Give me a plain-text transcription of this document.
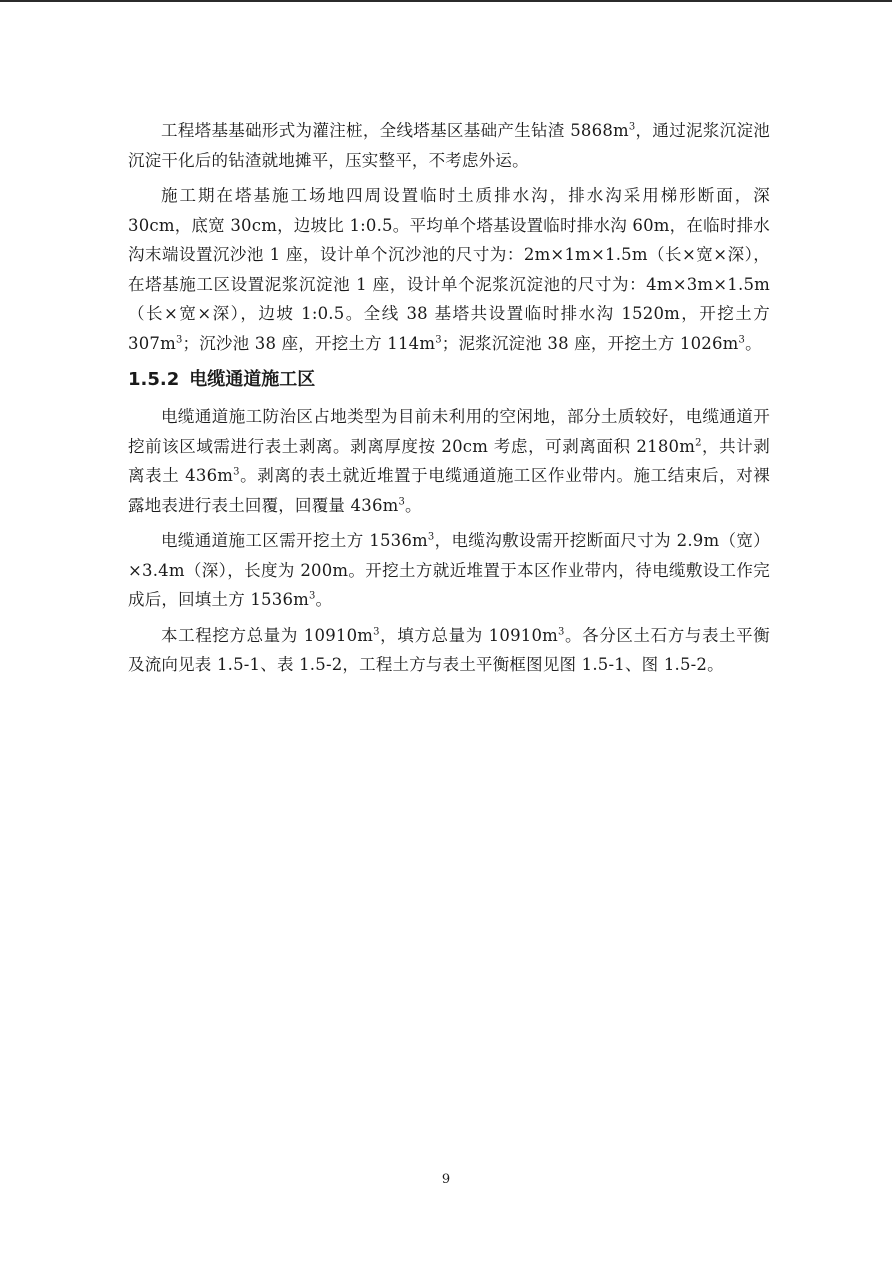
工程塔基基础形式为灌注桩，全线塔基区基础产生钻渣 $5868m^3$，通过泥浆沉淀池沉淀干化后的钻渣就地摊平，压实整平，不考虑外运。

施工期在塔基施工场地四周设置临时土质排水沟，排水沟采用梯形断面，深 30cm，底宽 30cm，边坡比 1:0.5。平均单个塔基设置临时排水沟 60m，在临时排水沟末端设置沉沙池 1 座，设计单个沉沙池的尺寸为：2m×1m×1.5m（长×宽×深），在塔基施工区设置泥浆沉淀池 1 座，设计单个泥浆沉淀池的尺寸为：4m×3m×1.5m（长×宽×深），边坡 1:0.5。全线 38 基塔共设置临时排水沟 1520m，开挖土方 $307m^3$；沉沙池 38 座，开挖土方 $114m^3$；泥浆沉淀池 38 座，开挖土方 $1026m^3$。

1.5.2 电缆通道施工区

电缆通道施工防治区占地类型为目前未利用的空闲地，部分土质较好，电缆通道开挖前该区域需进行表土剥离。剥离厚度按 20cm 考虑，可剥离面积 $2180m^2$，共计剥离表土 $436m^3$。剥离的表土就近堆置于电缆通道施工区作业带内。施工结束后，对裸露地表进行表土回覆，回覆量 $436m^3$。

电缆通道施工区需开挖土方 $1536m^3$，电缆沟敷设需开挖断面尺寸为 2.9m（宽）×3.4m（深），长度为 200m。开挖土方就近堆置于本区作业带内，待电缆敷设工作完成后，回填土方 $1536m^3$。

本工程挖方总量为 $10910m^3$，填方总量为 $10910m^3$。各分区土石方与表土平衡及流向见表 1.5-1、表 1.5-2，工程土方与表土平衡框图见图 1.5-1、图 1.5-2。

9
